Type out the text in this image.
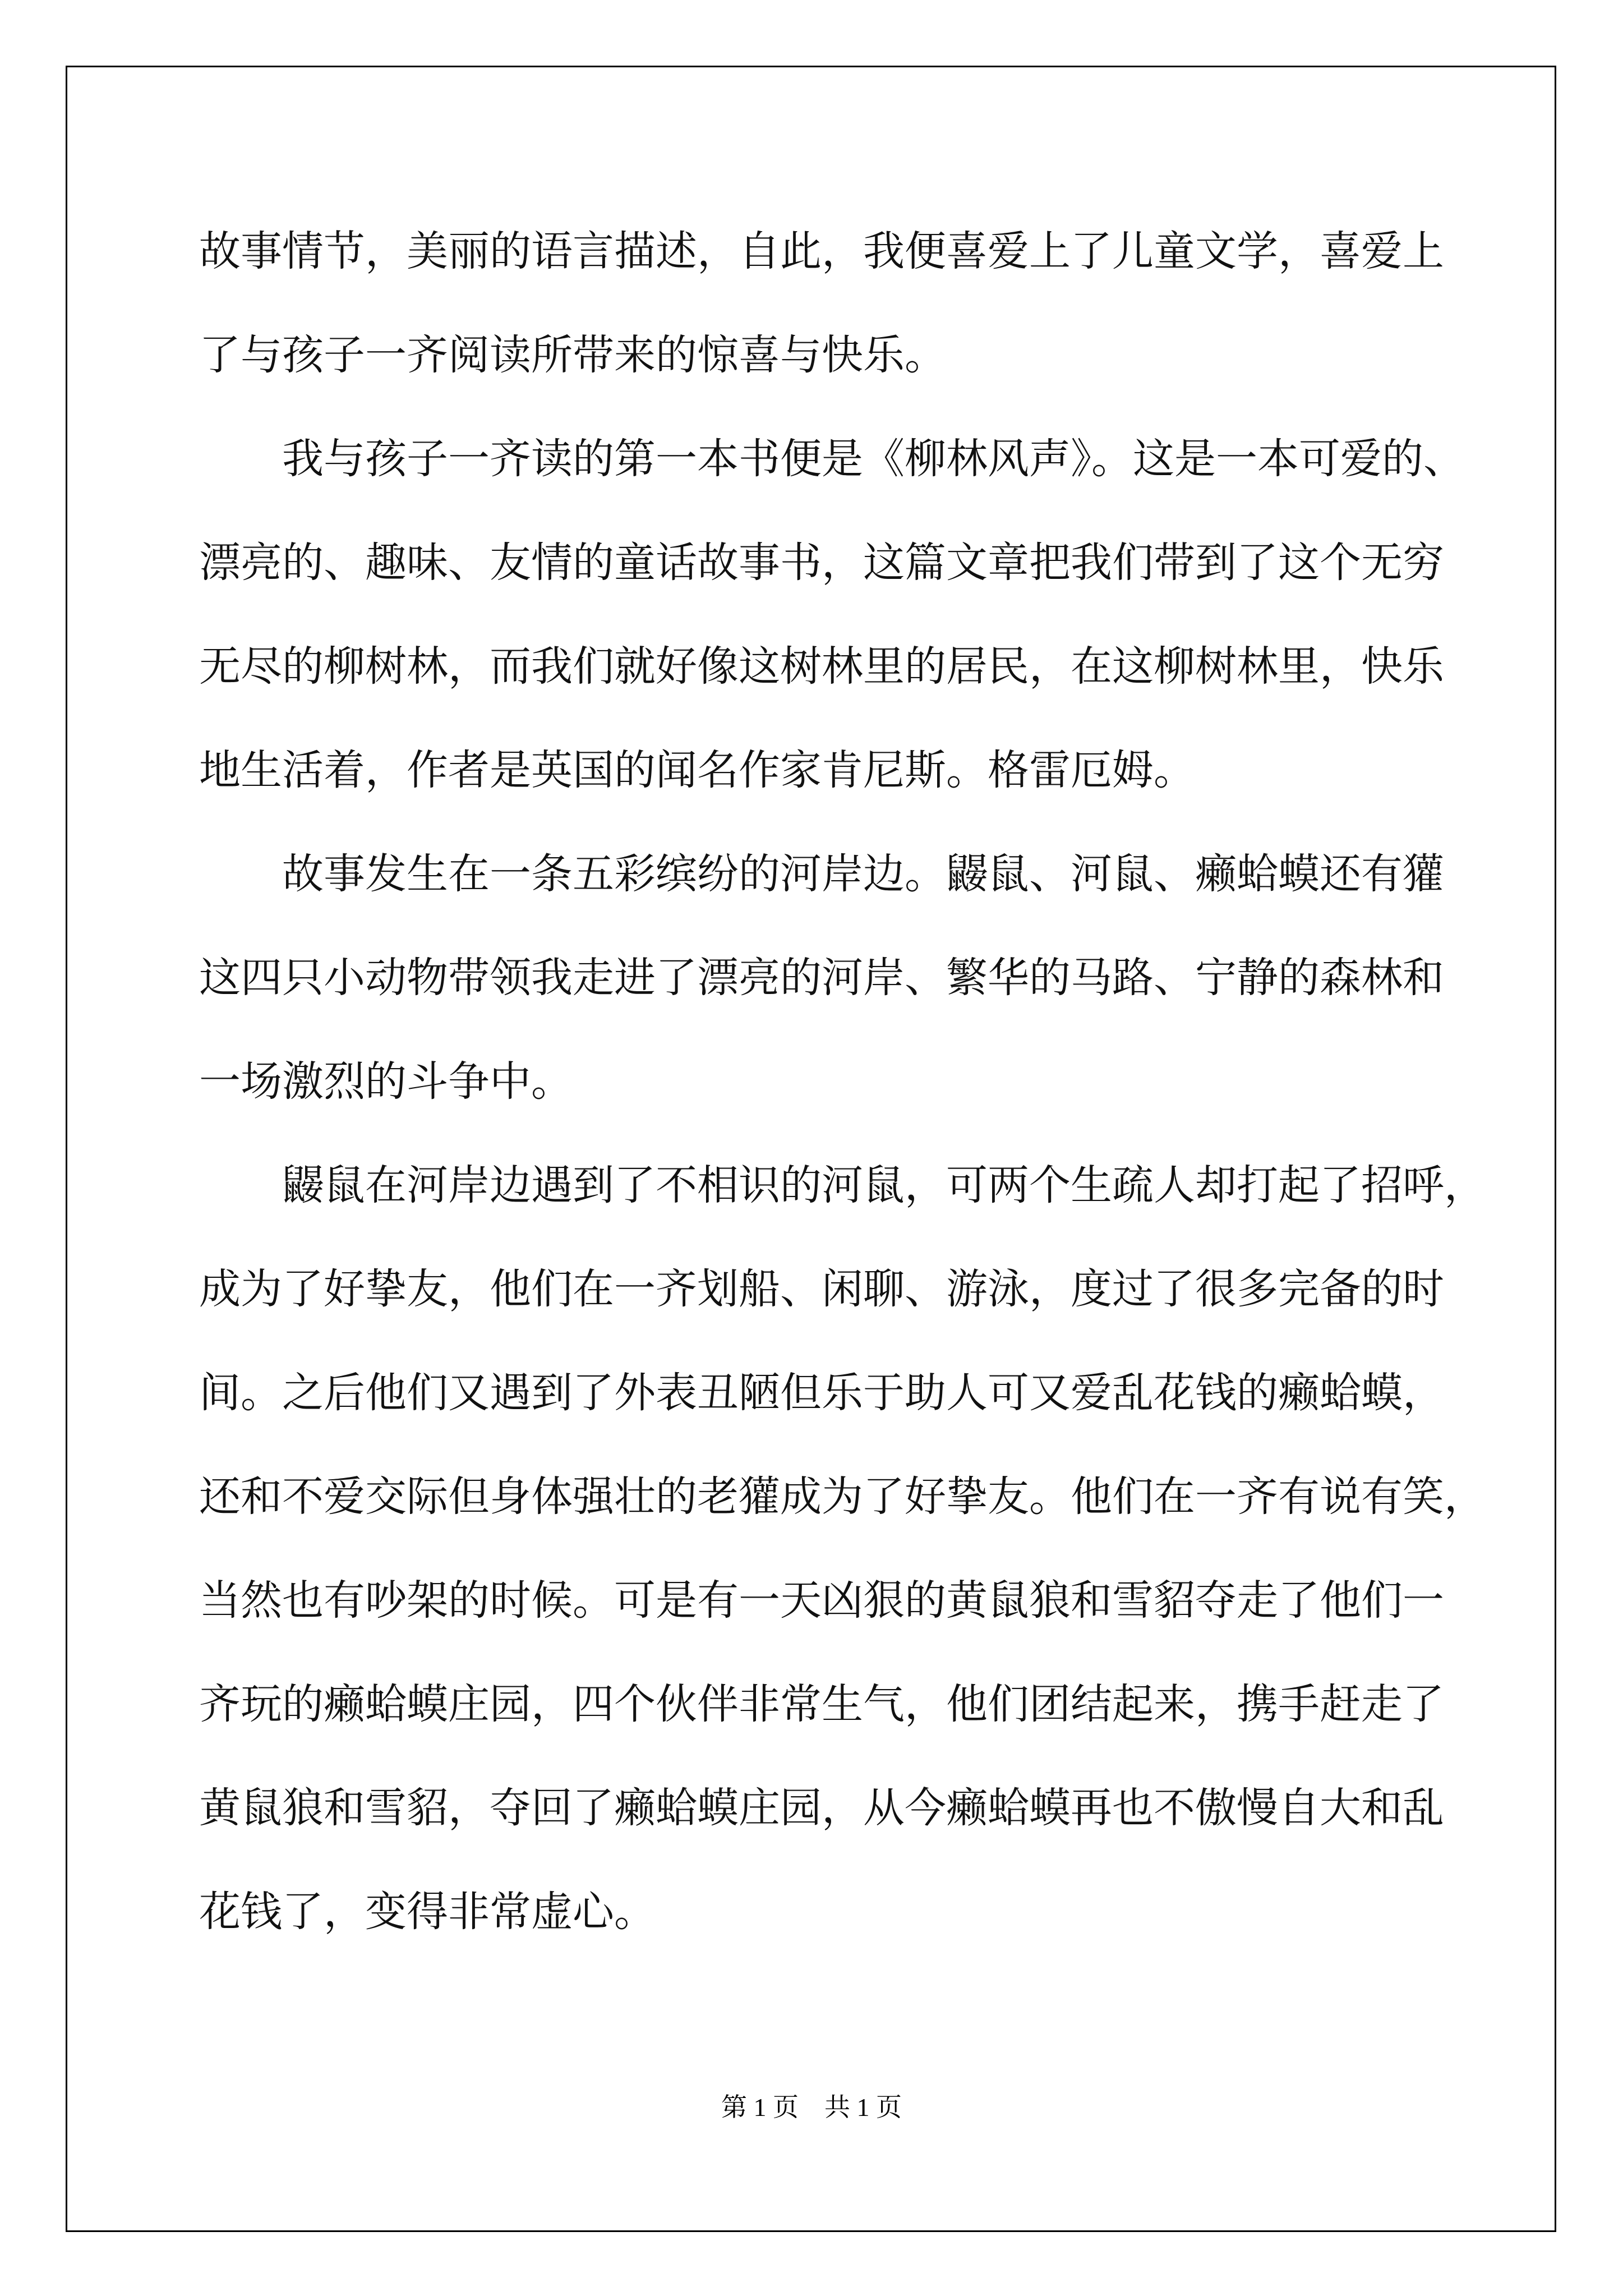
故事情节，美丽的语言描述，自此，我便喜爱上了儿童文学，喜爱上
了与孩子一齐阅读所带来的惊喜与快乐。
我与孩子一齐读的第一本书便是《柳林风声》。这是一本可爱的、
漂亮的、趣味、友情的童话故事书，这篇文章把我们带到了这个无穷
无尽的柳树林，而我们就好像这树林里的居民，在这柳树林里，快乐
地生活着，作者是英国的闻名作家肯尼斯。格雷厄姆。
故事发生在一条五彩缤纷的河岸边。鼹鼠、河鼠、癞蛤蟆还有獾
这四只小动物带领我走进了漂亮的河岸、繁华的马路、宁静的森林和
一场激烈的斗争中。
鼹鼠在河岸边遇到了不相识的河鼠，可两个生疏人却打起了招呼，
成为了好挚友，他们在一齐划船、闲聊、游泳，度过了很多完备的时
间。之后他们又遇到了外表丑陋但乐于助人可又爱乱花钱的癞蛤蟆，
还和不爱交际但身体强壮的老獾成为了好挚友。他们在一齐有说有笑，
当然也有吵架的时候。可是有一天凶狠的黄鼠狼和雪貂夺走了他们一
齐玩的癞蛤蟆庄园，四个伙伴非常生气，他们团结起来，携手赶走了
黄鼠狼和雪貂，夺回了癞蛤蟆庄园，从今癞蛤蟆再也不傲慢自大和乱
花钱了，变得非常虚心。
第 1 页　共 1 页
